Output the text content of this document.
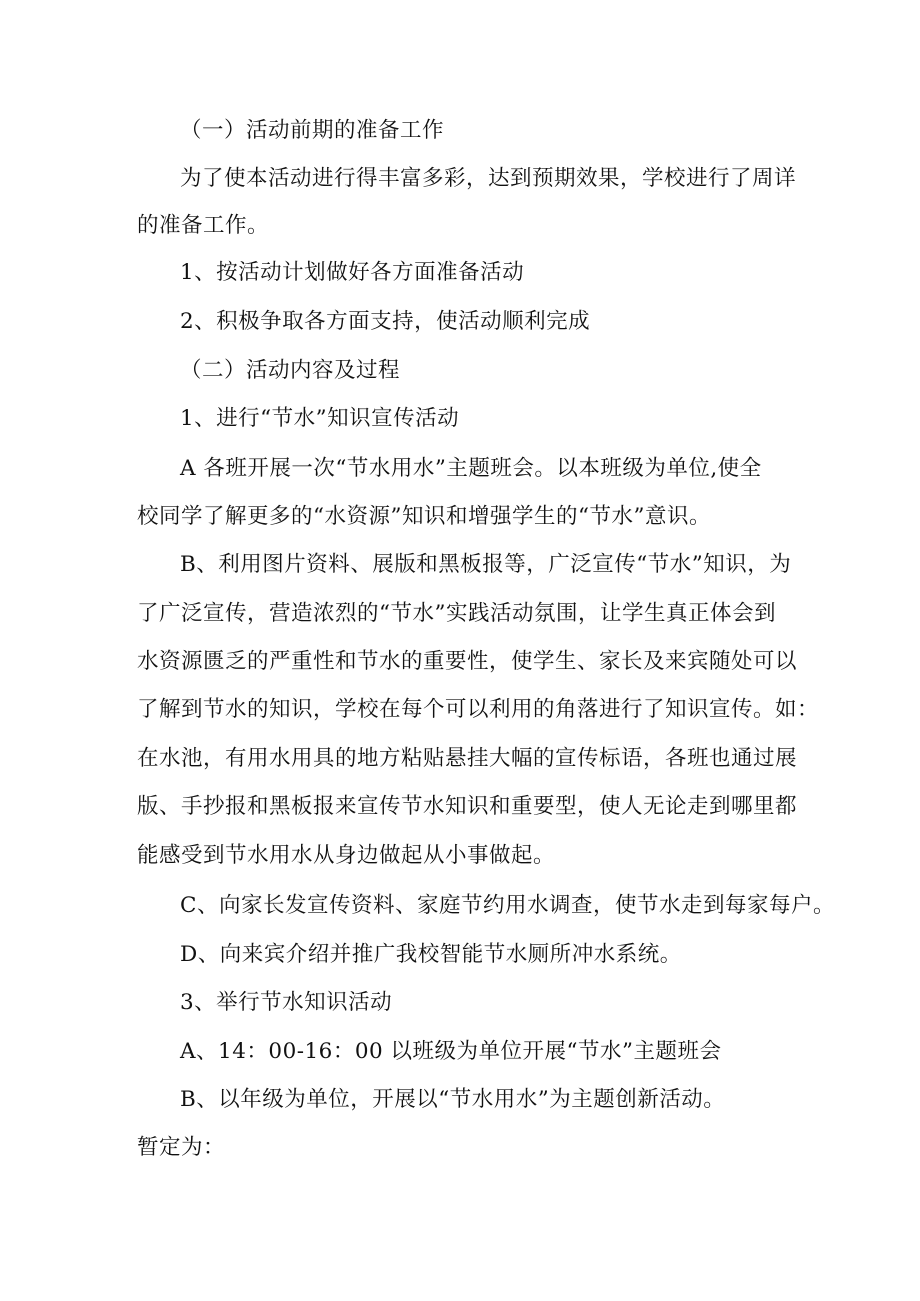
（一）活动前期的准备工作
为了使本活动进行得丰富多彩，达到预期效果，学校进行了周详
的准备工作。
1、按活动计划做好各方面准备活动
2、积极争取各方面支持，使活动顺利完成
（二）活动内容及过程
1、进行“节水”知识宣传活动
A 各班开展一次“节水用水”主题班会。以本班级为单位,使全
校同学了解更多的“水资源”知识和增强学生的“节水”意识。
B、利用图片资料、展版和黑板报等，广泛宣传“节水”知识，为
了广泛宣传，营造浓烈的“节水”实践活动氛围，让学生真正体会到
水资源匮乏的严重性和节水的重要性，使学生、家长及来宾随处可以
了解到节水的知识，学校在每个可以利用的角落进行了知识宣传。如：
在水池，有用水用具的地方粘贴悬挂大幅的宣传标语，各班也通过展
版、手抄报和黑板报来宣传节水知识和重要型，使人无论走到哪里都
能感受到节水用水从身边做起从小事做起。
C、向家长发宣传资料、家庭节约用水调查，使节水走到每家每户。
D、向来宾介绍并推广我校智能节水厕所冲水系统。
3、举行节水知识活动
A、14：00-16：00 以班级为单位开展“节水”主题班会
B、以年级为单位，开展以“节水用水”为主题创新活动。
暂定为：
